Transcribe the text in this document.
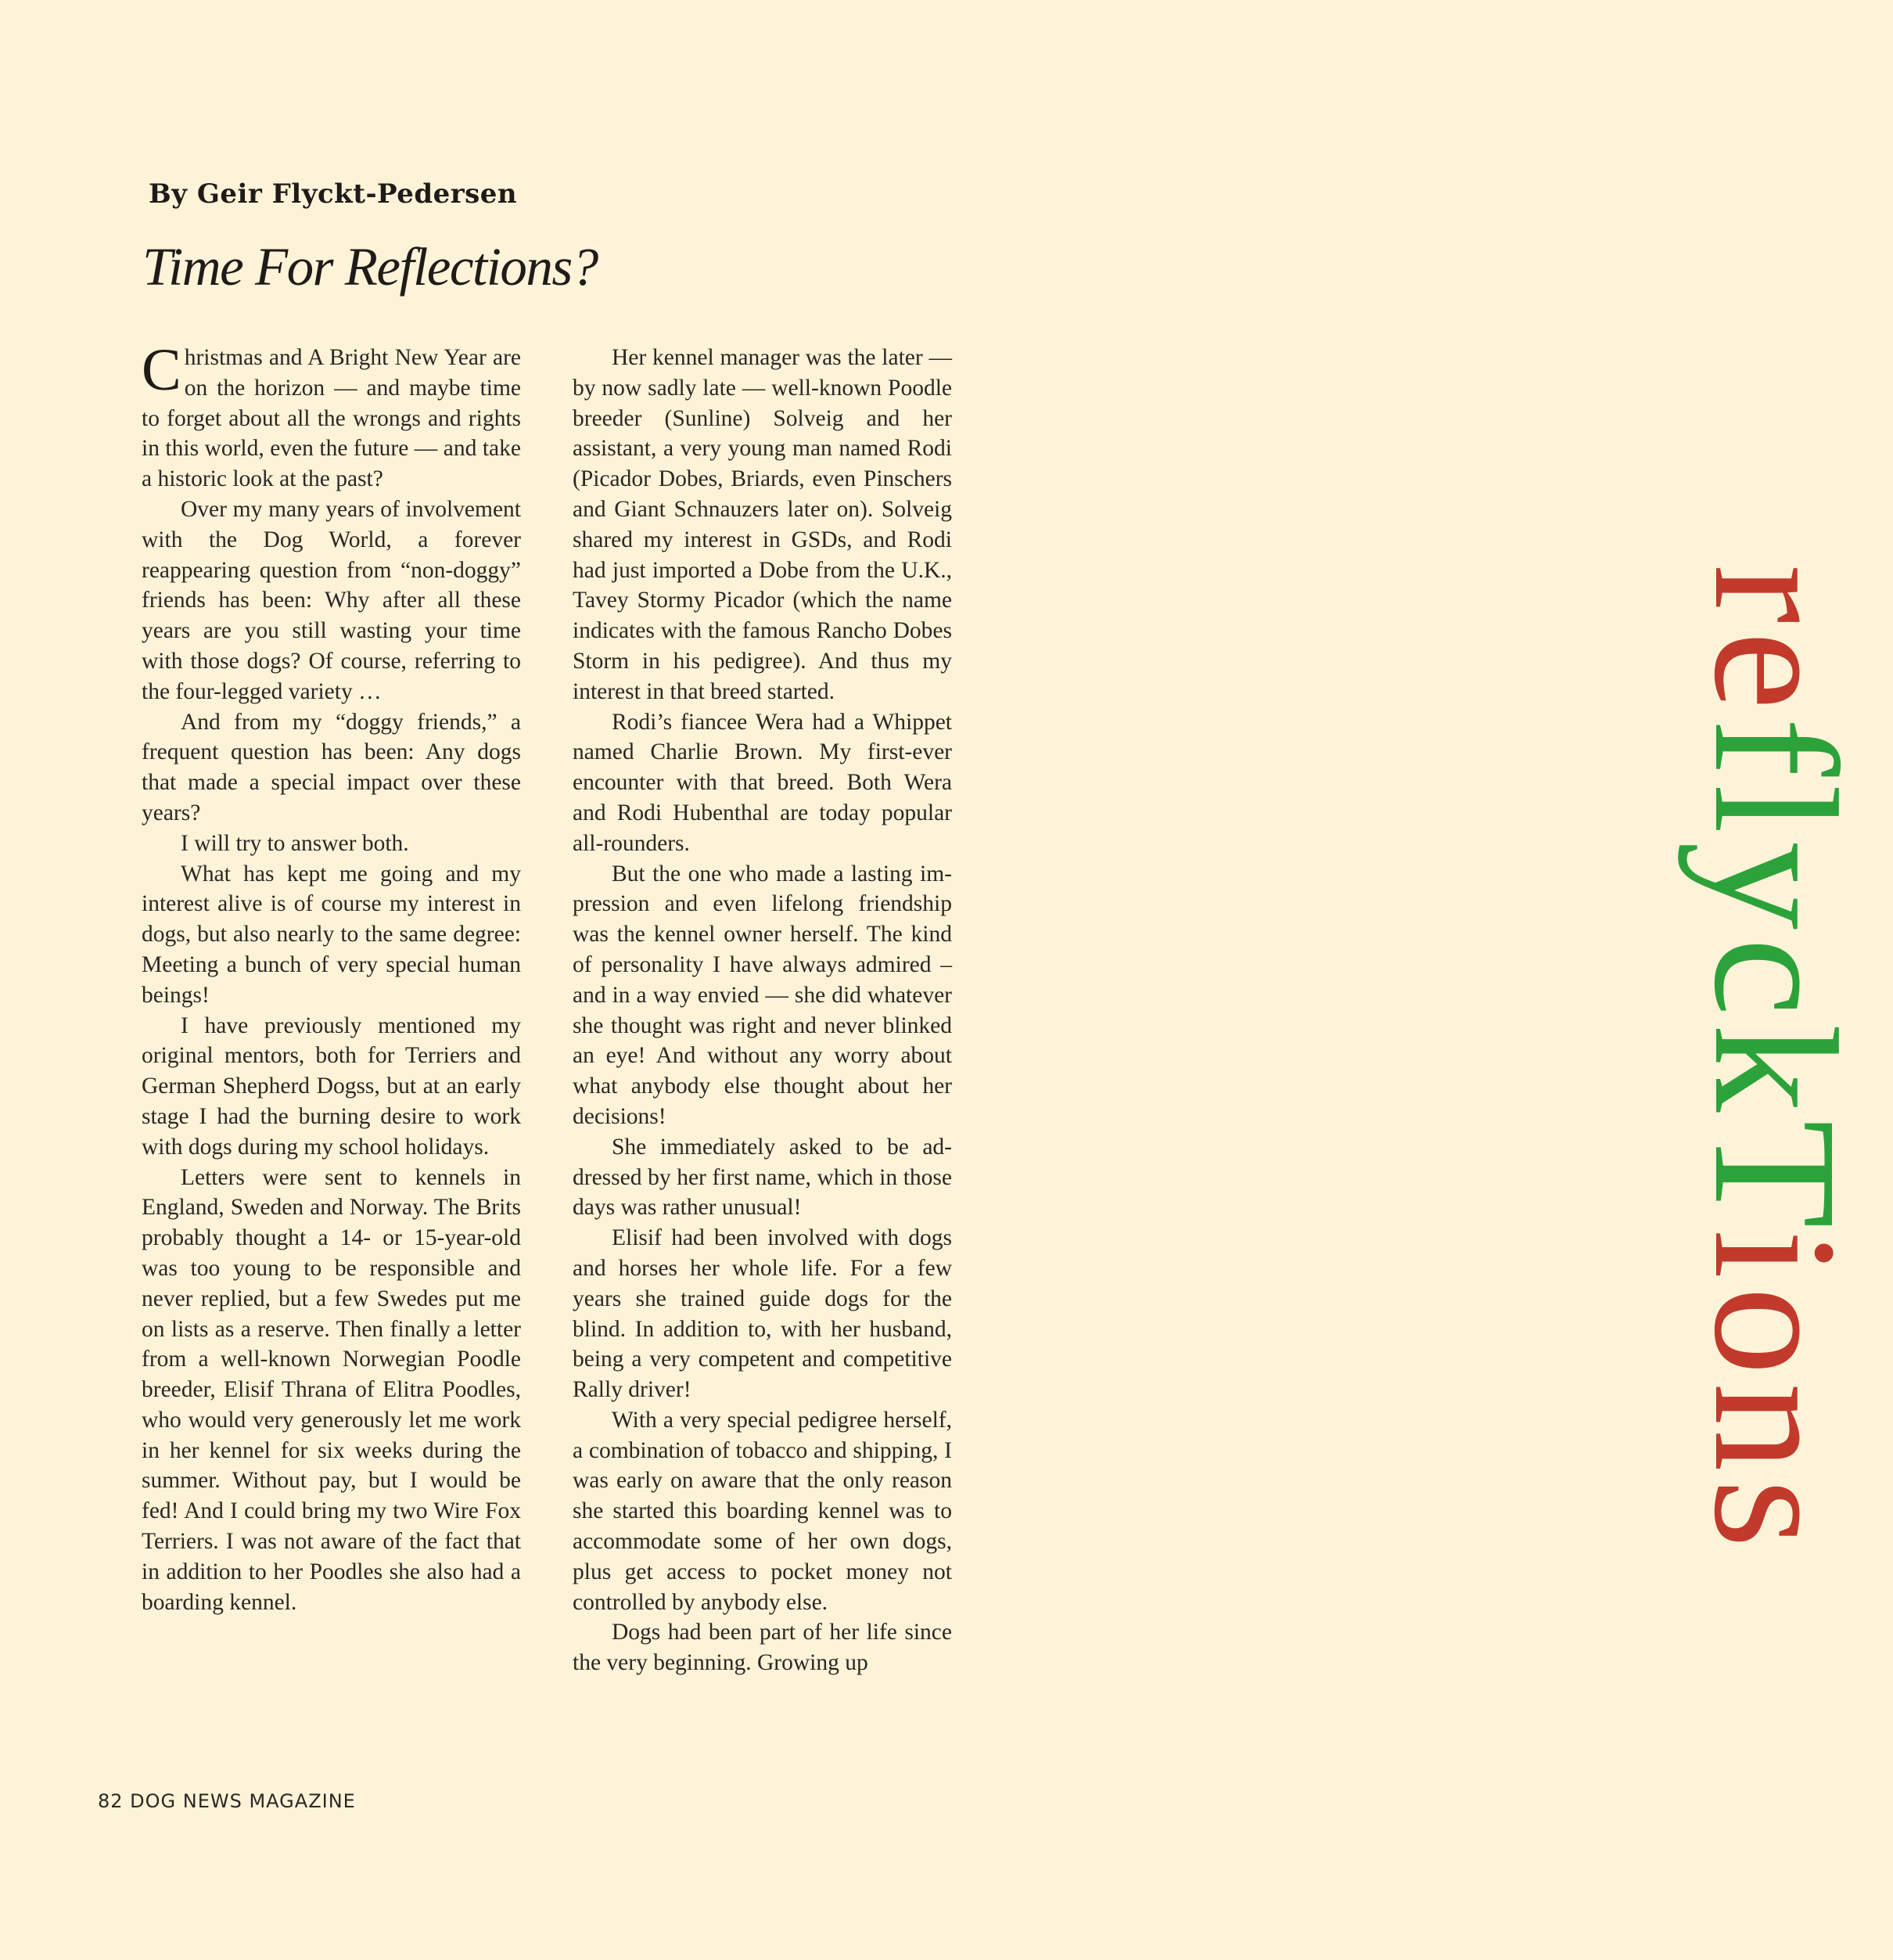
By Geir Flyckt-Pedersen
Time For Reflections?

Christmas and A Bright New Year are on the horizon — and maybe time to forget about all the wrongs and rights in this world, even the future — and take a historic look at the past?

Over my many years of involvement with the Dog World, a forever reappearing question from “non-doggy” friends has been: Why after all these years are you still wasting your time with those dogs? Of course, referring to the four-legged variety …

And from my “doggy friends,” a frequent question has been: Any dogs that made a special impact over these years?

I will try to answer both.

What has kept me going and my interest alive is of course my interest in dogs, but also nearly to the same degree: Meeting a bunch of very special human beings!

I have previously mentioned my original mentors, both for Terriers and German Shepherd Dogss, but at an early stage I had the burning desire to work with dogs during my school holidays.

Letters were sent to kennels in England, Sweden and Norway. The Brits probably thought a 14- or 15-year-old was too young to be responsible and never replied, but a few Swedes put me on lists as a reserve. Then finally a letter from a well-known Norwegian Poodle breeder, Elisif Thrana of Elitra Poodles, who would very generously let me work in her kennel for six weeks during the summer. Without pay, but I would be fed! And I could bring my two Wire Fox Terriers. I was not aware of the fact that in addition to her Poodles she also had a boarding kennel.

Her kennel manager was the later — by now sadly late — well-known Poodle breeder (Sunline) Solveig and her assistant, a very young man named Rodi (Picador Dobes, Briards, even Pinschers and Giant Schnauzers later on). Solveig shared my interest in GSDs, and Rodi had just imported a Dobe from the U.K., Tavey Stormy Picador (which the name indicates with the famous Rancho Dobes Storm in his pedigree). And thus my interest in that breed started.

Rodi’s fiancee Wera had a Whippet named Charlie Brown. My first-ever encounter with that breed. Both Wera and Rodi Hubenthal are today popular all-rounders.

But the one who made a lasting impression and even lifelong friendship was the kennel owner herself. The kind of personality I have always admired – and in a way envied — she did whatever she thought was right and never blinked an eye! And without any worry about what anybody else thought about her decisions!

She immediately asked to be addressed by her first name, which in those days was rather unusual!

Elisif had been involved with dogs and horses her whole life. For a few years she trained guide dogs for the blind. In addition to, with her husband, being a very competent and competitive Rally driver!

With a very special pedigree herself, a combination of tobacco and shipping, I was early on aware that the only reason she started this boarding kennel was to accommodate some of her own dogs, plus get access to pocket money not controlled by anybody else.

Dogs had been part of her life since the very beginning. Growing up

reflyckTions
82 DOG NEWS MAGAZINE
